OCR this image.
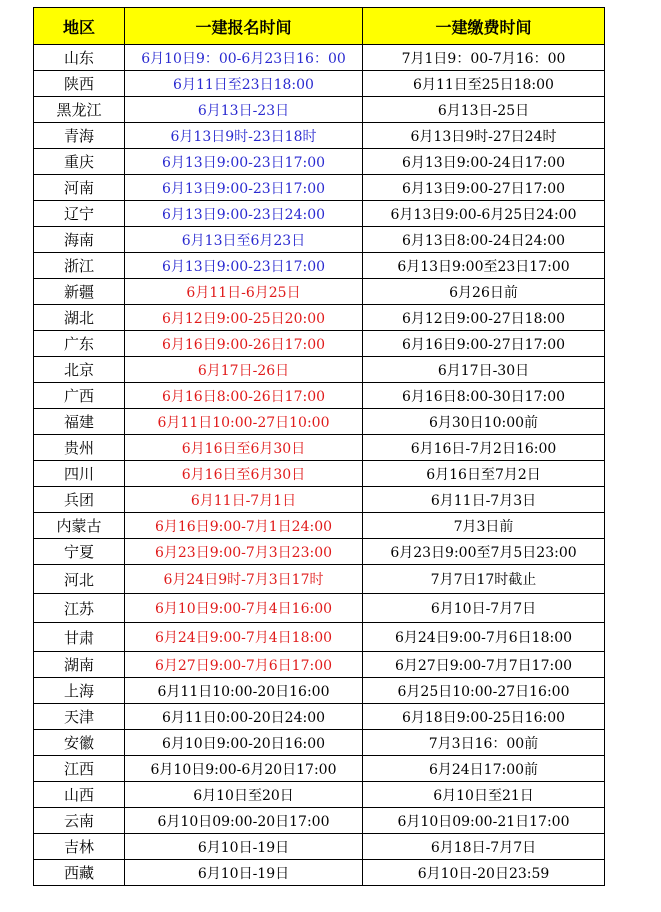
地区	一建报名时间	一建缴费时间
山东	6月10日9：00-6月23日16：00	7月1日9：00-7月16：00
陕西	6月11日至23日18:00	6月11日至25日18:00
黑龙江	6月13日-23日	6月13日-25日
青海	6月13日9时-23日18时	6月13日9时-27日24时
重庆	6月13日9:00-23日17:00	6月13日9:00-24日17:00
河南	6月13日9:00-23日17:00	6月13日9:00-27日17:00
辽宁	6月13日9:00-23日24:00	6月13日9:00-6月25日24:00
海南	6月13日至6月23日	6月13日8:00-24日24:00
浙江	6月13日9:00-23日17:00	6月13日9:00至23日17:00
新疆	6月11日-6月25日	6月26日前
湖北	6月12日9:00-25日20:00	6月12日9:00-27日18:00
广东	6月16日9:00-26日17:00	6月16日9:00-27日17:00
北京	6月17日-26日	6月17日-30日
广西	6月16日8:00-26日17:00	6月16日8:00-30日17:00
福建	6月11日10:00-27日10:00	6月30日10:00前
贵州	6月16日至6月30日	6月16日-7月2日16:00
四川	6月16日至6月30日	6月16日至7月2日
兵团	6月11日-7月1日	6月11日-7月3日
内蒙古	6月16日9:00-7月1日24:00	7月3日前
宁夏	6月23日9:00-7月3日23:00	6月23日9:00至7月5日23:00
河北	6月24日9时-7月3日17时	7月7日17时截止
江苏	6月10日9:00-7月4日16:00	6月10日-7月7日
甘肃	6月24日9:00-7月4日18:00	6月24日9:00-7月6日18:00
湖南	6月27日9:00-7月6日17:00	6月27日9:00-7月7日17:00
上海	6月11日10:00-20日16:00	6月25日10:00-27日16:00
天津	6月11日0:00-20日24:00	6月18日9:00-25日16:00
安徽	6月10日9:00-20日16:00	7月3日16：00前
江西	6月10日9:00-6月20日17:00	6月24日17:00前
山西	6月10日至20日	6月10日至21日
云南	6月10日09:00-20日17:00	6月10日09:00-21日17:00
吉林	6月10日-19日	6月18日-7月7日
西藏	6月10日-19日	6月10日-20日23:59
